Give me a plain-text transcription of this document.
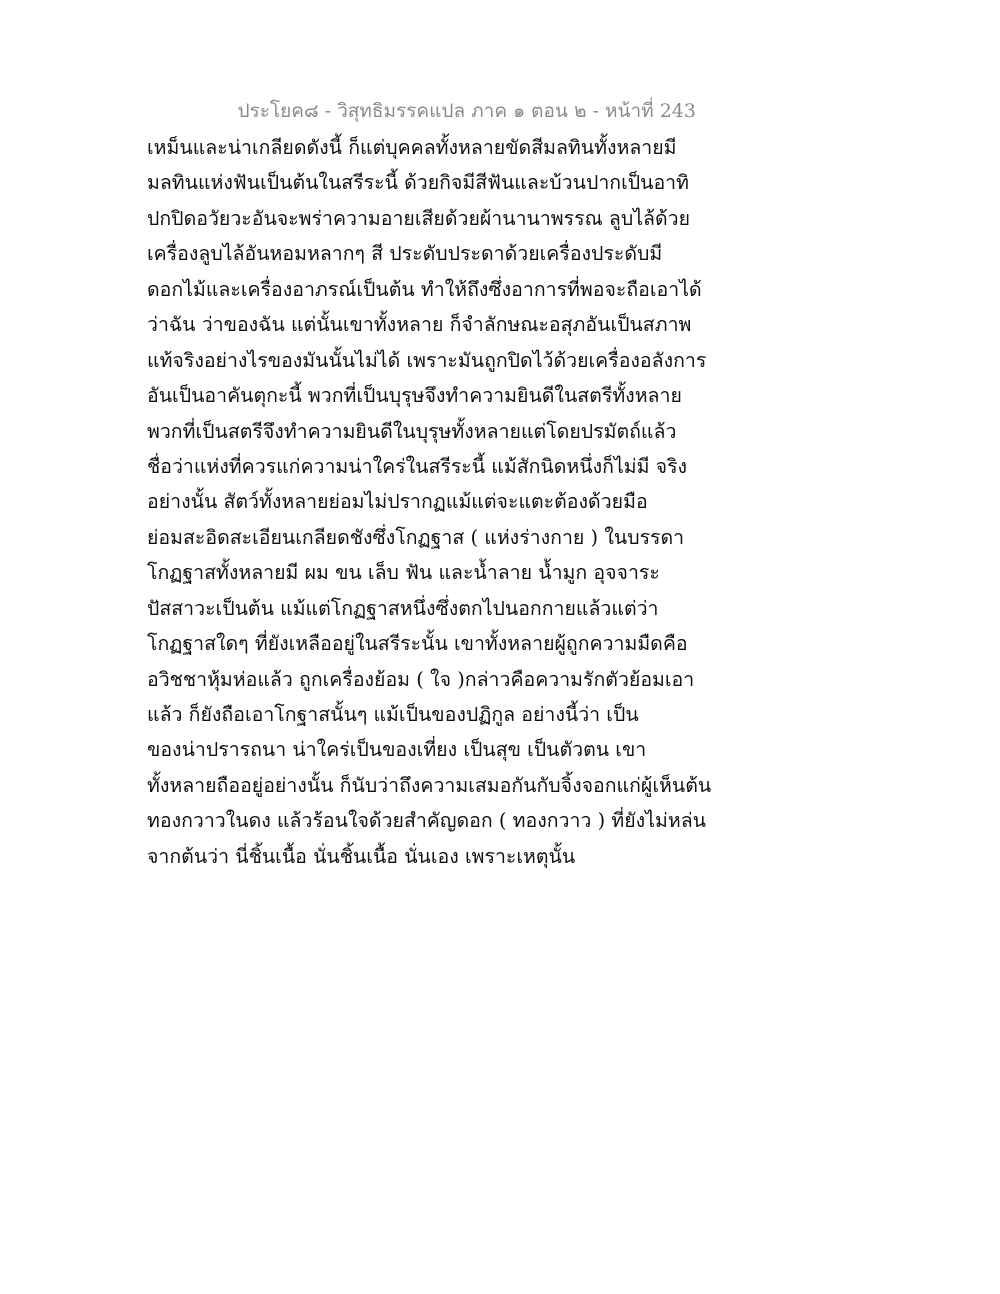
ประโยค๘ - วิสุทธิมรรคแปล ภาค ๑ ตอน ๒ - หน้าที่ 243
เหม็นและน่าเกลียดดังนี้ ก็แต่บุคคลทั้งหลายขัดสีมลทินทั้งหลายมี
มลทินแห่งฟันเป็นต้นในสรีระนี้ ด้วยกิจมีสีฟันและบ้วนปากเป็นอาทิ
ปกปิดอวัยวะอันจะพร่าความอายเสียด้วยผ้านานาพรรณ ลูบไล้ด้วย
เครื่องลูบไล้อันหอมหลากๆ สี ประดับประดาด้วยเครื่องประดับมี
ดอกไม้และเครื่องอาภรณ์เป็นต้น ทำให้ถึงซึ่งอาการที่พอจะถือเอาได้
ว่าฉัน ว่าของฉัน แต่นั้นเขาทั้งหลาย ก็จำลักษณะอสุภอันเป็นสภาพ
แท้จริงอย่างไรของมันนั้นไม่ได้ เพราะมันถูกปิดไว้ด้วยเครื่องอลังการ
อันเป็นอาคันตุกะนี้ พวกที่เป็นบุรุษจึงทำความยินดีในสตรีทั้งหลาย
พวกที่เป็นสตรีจึงทำความยินดีในบุรุษทั้งหลายแต่โดยปรมัตถ์แล้ว
ชื่อว่าแห่งที่ควรแก่ความน่าใคร่ในสรีระนี้ แม้สักนิดหนึ่งก็ไม่มี จริง
อย่างนั้น สัตว์ทั้งหลายย่อมไม่ปรากฏแม้แต่จะแตะต้องด้วยมือ
ย่อมสะอิดสะเอียนเกลียดชังซึ่งโกฏฐาส ( แห่งร่างกาย ) ในบรรดา
โกฏฐาสทั้งหลายมี ผม ขน เล็บ ฟัน และน้ำลาย น้ำมูก อุจจาระ
ปัสสาวะเป็นต้น แม้แต่โกฏฐาสหนึ่งซึ่งตกไปนอกกายแล้วแต่ว่า
โกฏฐาสใดๆ ที่ยังเหลืออยู่ในสรีระนั้น เขาทั้งหลายผู้ถูกความมืดคือ
อวิชชาหุ้มห่อแล้ว ถูกเครื่องย้อม ( ใจ )กล่าวคือความรักตัวย้อมเอา
แล้ว ก็ยังถือเอาโกฐาสนั้นๆ แม้เป็นของปฏิกูล อย่างนี้ว่า เป็น
ของน่าปรารถนา น่าใคร่เป็นของเที่ยง เป็นสุข เป็นตัวตน เขา
ทั้งหลายถืออยู่อย่างนั้น ก็นับว่าถึงความเสมอกันกับจิ้งจอกแก่ผู้เห็นต้น
ทองกวาวในดง แล้วร้อนใจด้วยสำคัญดอก ( ทองกวาว ) ที่ยังไม่หล่น
จากต้นว่า นี่ชิ้นเนื้อ นั่นชิ้นเนื้อ นั่นเอง เพราะเหตุนั้น
